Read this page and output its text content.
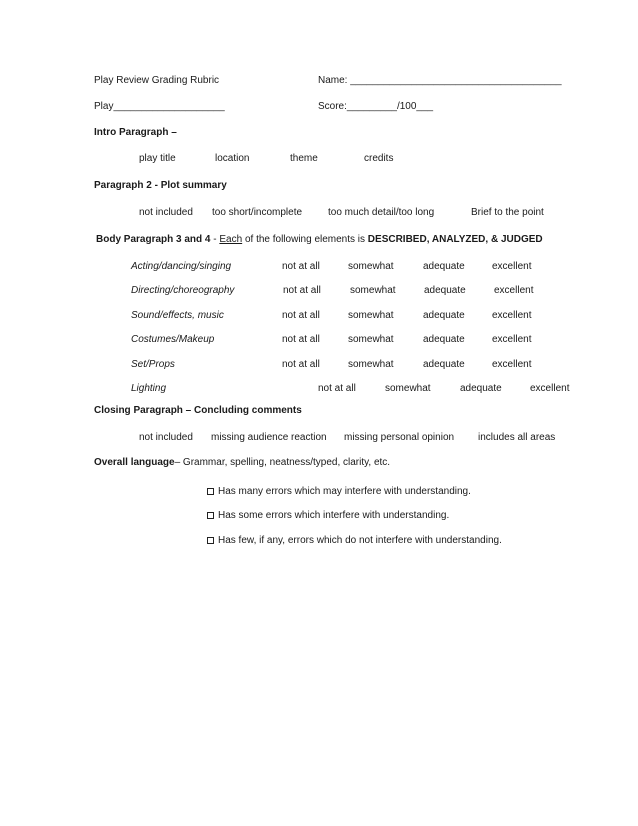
Play Review Grading Rubric	Name: ______________________________________
Play____________________	Score:_________/100___
Intro Paragraph –
play title	location	theme	credits
Paragraph 2 - Plot summary
not included too short/incomplete	too much detail/too long	Brief to the point
Body Paragraph 3 and 4 - Each of the following elements is DESCRIBED, ANALYZED, & JUDGED
Acting/dancing/singing	not at all	somewhat	adequate	excellent
Directing/choreography	not at all	somewhat	adequate	excellent
Sound/effects, music	not at all	somewhat	adequate	excellent
Costumes/Makeup	not at all	somewhat	adequate	excellent
Set/Props	not at all	somewhat	adequate	excellent
Lighting	not at all	somewhat	adequate	excellent
Closing Paragraph – Concluding comments
not included missing audience reaction missing personal opinion includes all areas
Overall language– Grammar, spelling, neatness/typed, clarity, etc.
Has many errors which may interfere with understanding.
Has some errors which interfere with understanding.
Has few, if any, errors which do not interfere with understanding.
